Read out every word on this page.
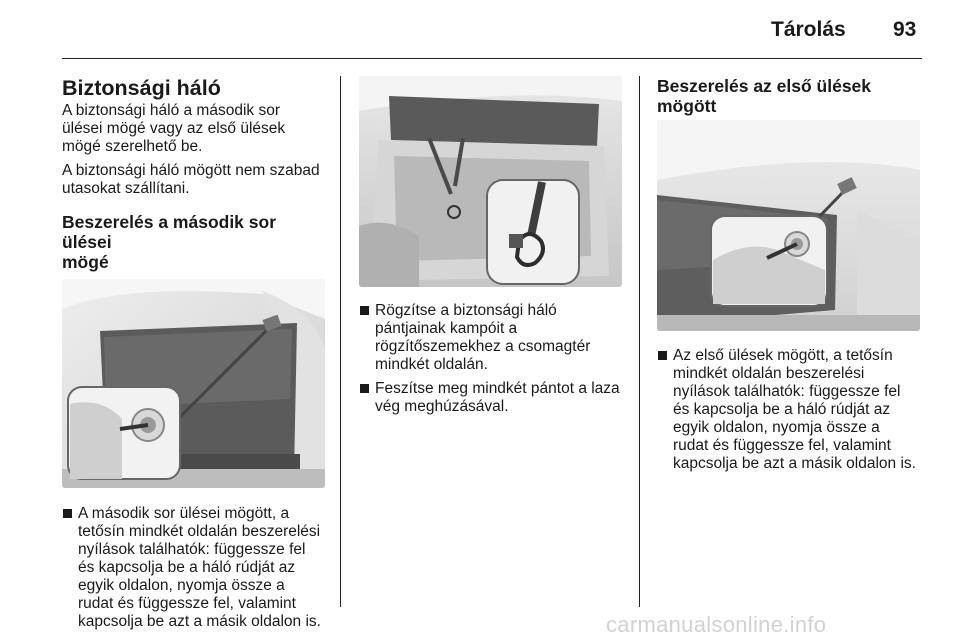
Tárolás 93
Biztonsági háló

A biztonsági háló a második sor
ülései mögé vagy az első ülések
mögé szerelhető be.

A biztonsági háló mögött nem szabad
utasokat szállítani.

Beszerelés a második sor ülései
mögé

A második sor ülései mögött, a
tetősín mindkét oldalán beszerelési
nyílások találhatók: függessze fel
és kapcsolja be a háló rúdját az
egyik oldalon, nyomja össze a
rudat és függessze fel, valamint
kapcsolja be azt a másik oldalon is.

Rögzítse a biztonsági háló
pántjainak kampóit a
rögzítőszemekhez a csomagtér
mindkét oldalán.

Feszítse meg mindkét pántot a laza
vég meghúzásával.

Beszerelés az első ülések
mögött

Az első ülések mögött, a tetősín
mindkét oldalán beszerelési
nyílások találhatók: függessze fel
és kapcsolja be a háló rúdját az
egyik oldalon, nyomja össze a
rudat és függessze fel, valamint
kapcsolja be azt a másik oldalon is.

carmanualsonline.info
